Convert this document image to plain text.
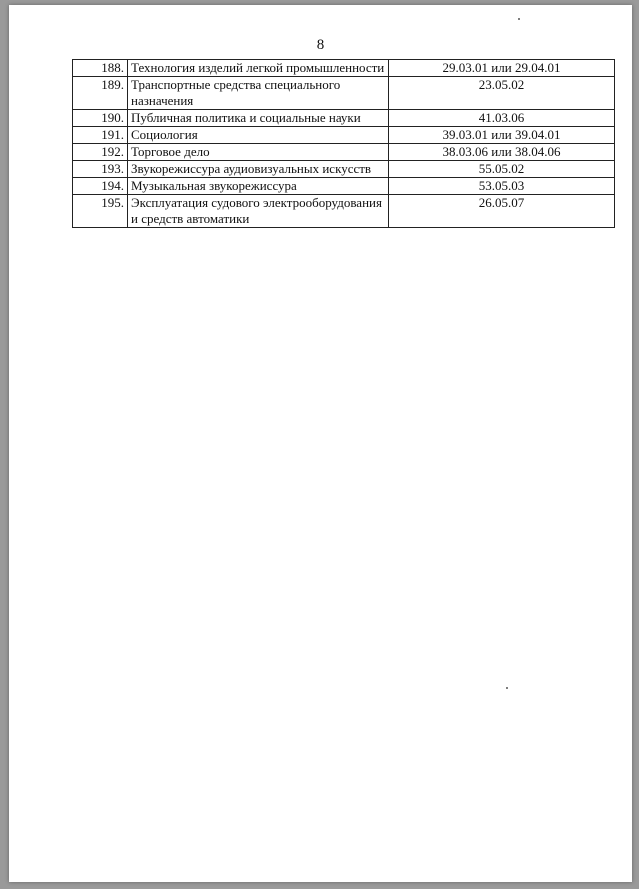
8
188.	Технология изделий легкой промышленности	29.03.01 или 29.04.01
189.	Транспортные средства специального назначения	23.05.02
190.	Публичная политика и социальные науки	41.03.06
191.	Социология	39.03.01 или 39.04.01
192.	Торговое дело	38.03.06 или 38.04.06
193.	Звукорежиссура аудиовизуальных искусств	55.05.02
194.	Музыкальная звукорежиссура	53.05.03
195.	Эксплуатация судового электрооборудования и средств автоматики	26.05.07
